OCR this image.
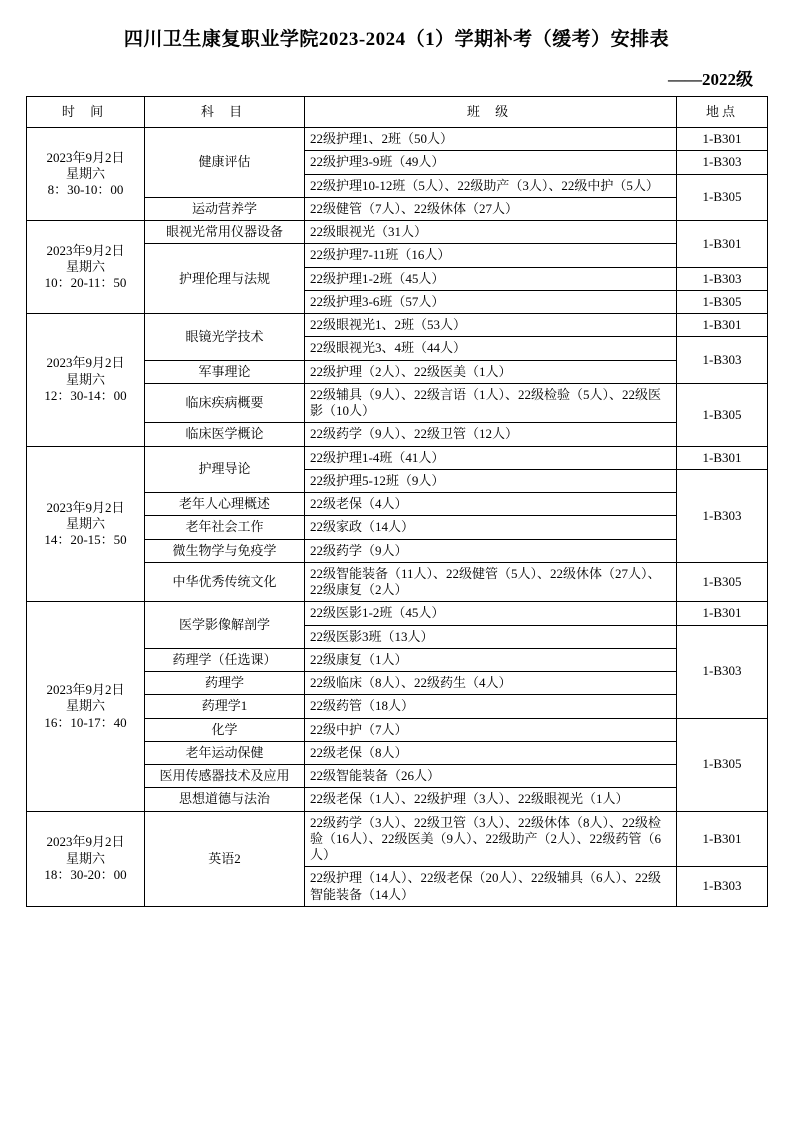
四川卫生康复职业学院2023-2024（1）学期补考（缓考）安排表
——2022级
时 间	科 目	班 级	地点

2023年9月2日
星期六
8：30-10：00	健康评估	22级护理1、2班（50人）	1-B301
		22级护理3-9班（49人）	1-B303
		22级护理10-12班（5人）、22级助产（3人）、22级中护（5人）	1-B305
	运动营养学	22级健管（7人）、22级休体（27人）	

2023年9月2日
星期六
10：20-11：50	眼视光常用仪器设备	22级眼视光（31人）	1-B301
	护理伦理与法规	22级护理7-11班（16人）	
		22级护理1-2班（45人）	1-B303
		22级护理3-6班（57人）	1-B305

2023年9月2日
星期六
12：30-14：00	眼镜光学技术	22级眼视光1、2班（53人）	1-B301
		22级眼视光3、4班（44人）	1-B303
	军事理论	22级护理（2人）、22级医美（1人）	
	临床疾病概要	22级辅具（9人）、22级言语（1人）、22级检验（5人）、22级医影（10人）	1-B305
	临床医学概论	22级药学（9人）、22级卫管（12人）	

2023年9月2日
星期六
14：20-15：50	护理导论	22级护理1-4班（41人）	1-B301
		22级护理5-12班（9人）	1-B303
	老年人心理概述	22级老保（4人）	
	老年社会工作	22级家政（14人）	
	微生物学与免疫学	22级药学（9人）	
	中华优秀传统文化	22级智能装备（11人）、22级健管（5人）、22级休体（27人）、22级康复（2人）	1-B305

2023年9月2日
星期六
16：10-17：40	医学影像解剖学	22级医影1-2班（45人）	1-B301
		22级医影3班（13人）	1-B303
	药理学（任选课）	22级康复（1人）	
	药理学	22级临床（8人）、22级药生（4人）	
	药理学1	22级药管（18人）	
	化学	22级中护（7人）	1-B305
	老年运动保健	22级老保（8人）	
	医用传感器技术及应用	22级智能装备（26人）	
	思想道德与法治	22级老保（1人）、22级护理（3人）、22级眼视光（1人）	

2023年9月2日
星期六
18：30-20：00	英语2	22级药学（3人）、22级卫管（3人）、22级休体（8人）、22级检验（16人）、22级医美（9人）、22级助产（2人）、22级药管（6人）	1-B301
		22级护理（14人）、22级老保（20人）、22级辅具（6人）、22级智能装备（14人）	1-B303
